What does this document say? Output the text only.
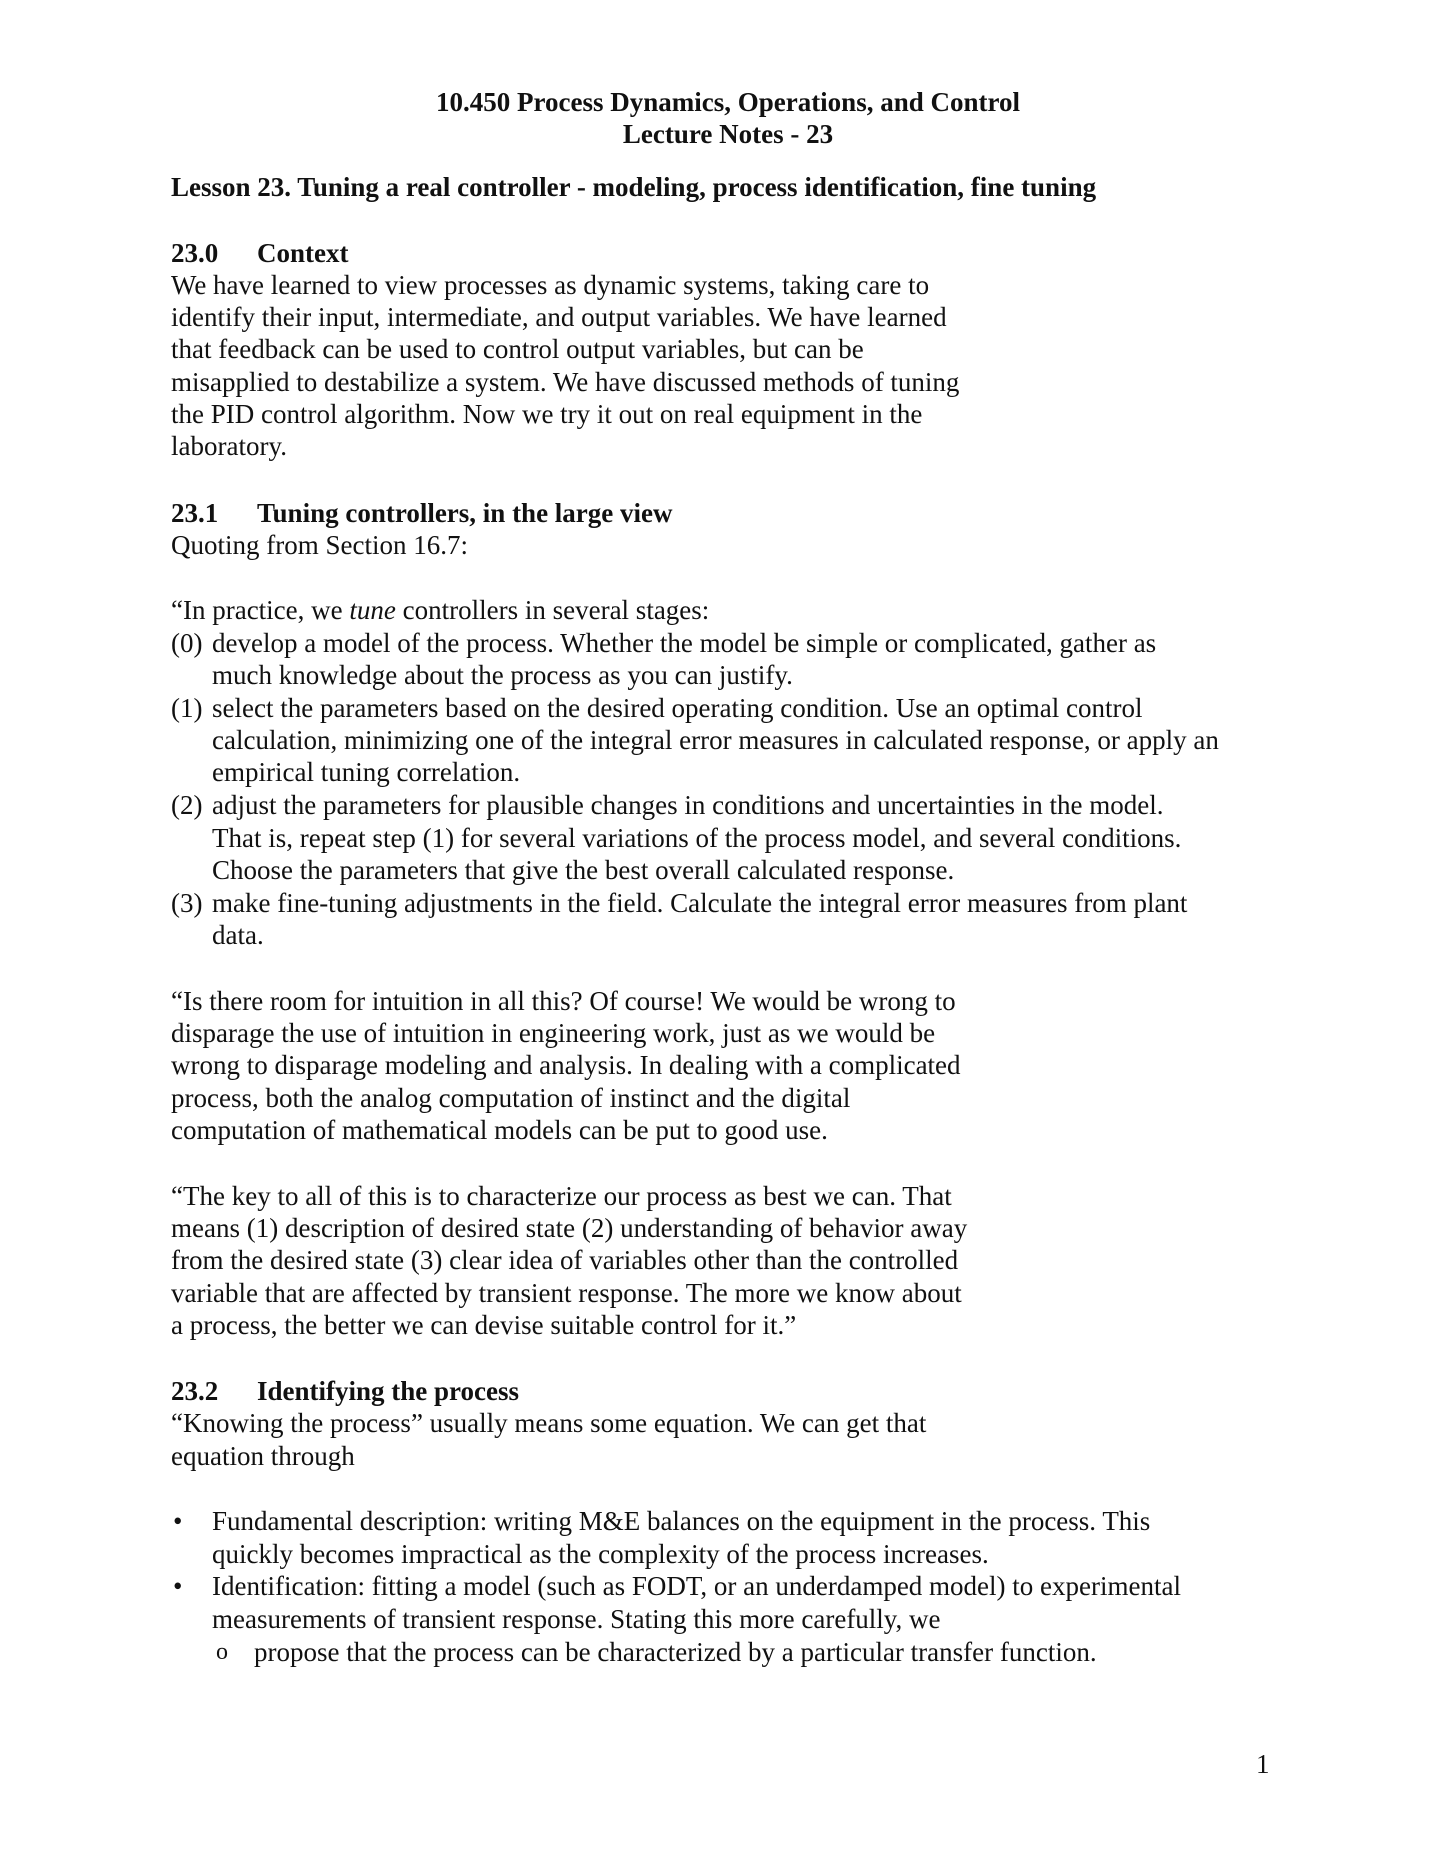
10.450 Process Dynamics, Operations, and Control
Lecture Notes - 23
Lesson 23. Tuning a real controller - modeling, process identification, fine tuning
23.0 Context
We have learned to view processes as dynamic systems, taking care to
identify their input, intermediate, and output variables. We have learned
that feedback can be used to control output variables, but can be
misapplied to destabilize a system. We have discussed methods of tuning
the PID control algorithm. Now we try it out on real equipment in the
laboratory.
23.1 Tuning controllers, in the large view
Quoting from Section 16.7:
“In practice, we tune controllers in several stages:
(0) develop a model of the process. Whether the model be simple or complicated, gather as
much knowledge about the process as you can justify.
(1) select the parameters based on the desired operating condition. Use an optimal control
calculation, minimizing one of the integral error measures in calculated response, or apply an
empirical tuning correlation.
(2) adjust the parameters for plausible changes in conditions and uncertainties in the model.
That is, repeat step (1) for several variations of the process model, and several conditions.
Choose the parameters that give the best overall calculated response.
(3) make fine-tuning adjustments in the field. Calculate the integral error measures from plant
data.
“Is there room for intuition in all this? Of course! We would be wrong to
disparage the use of intuition in engineering work, just as we would be
wrong to disparage modeling and analysis. In dealing with a complicated
process, both the analog computation of instinct and the digital
computation of mathematical models can be put to good use.
“The key to all of this is to characterize our process as best we can. That
means (1) description of desired state (2) understanding of behavior away
from the desired state (3) clear idea of variables other than the controlled
variable that are affected by transient response. The more we know about
a process, the better we can devise suitable control for it.”
23.2 Identifying the process
“Knowing the process” usually means some equation. We can get that
equation through
• Fundamental description: writing M&E balances on the equipment in the process. This
quickly becomes impractical as the complexity of the process increases.
• Identification: fitting a model (such as FODT, or an underdamped model) to experimental
measurements of transient response. Stating this more carefully, we
o propose that the process can be characterized by a particular transfer function.
1
